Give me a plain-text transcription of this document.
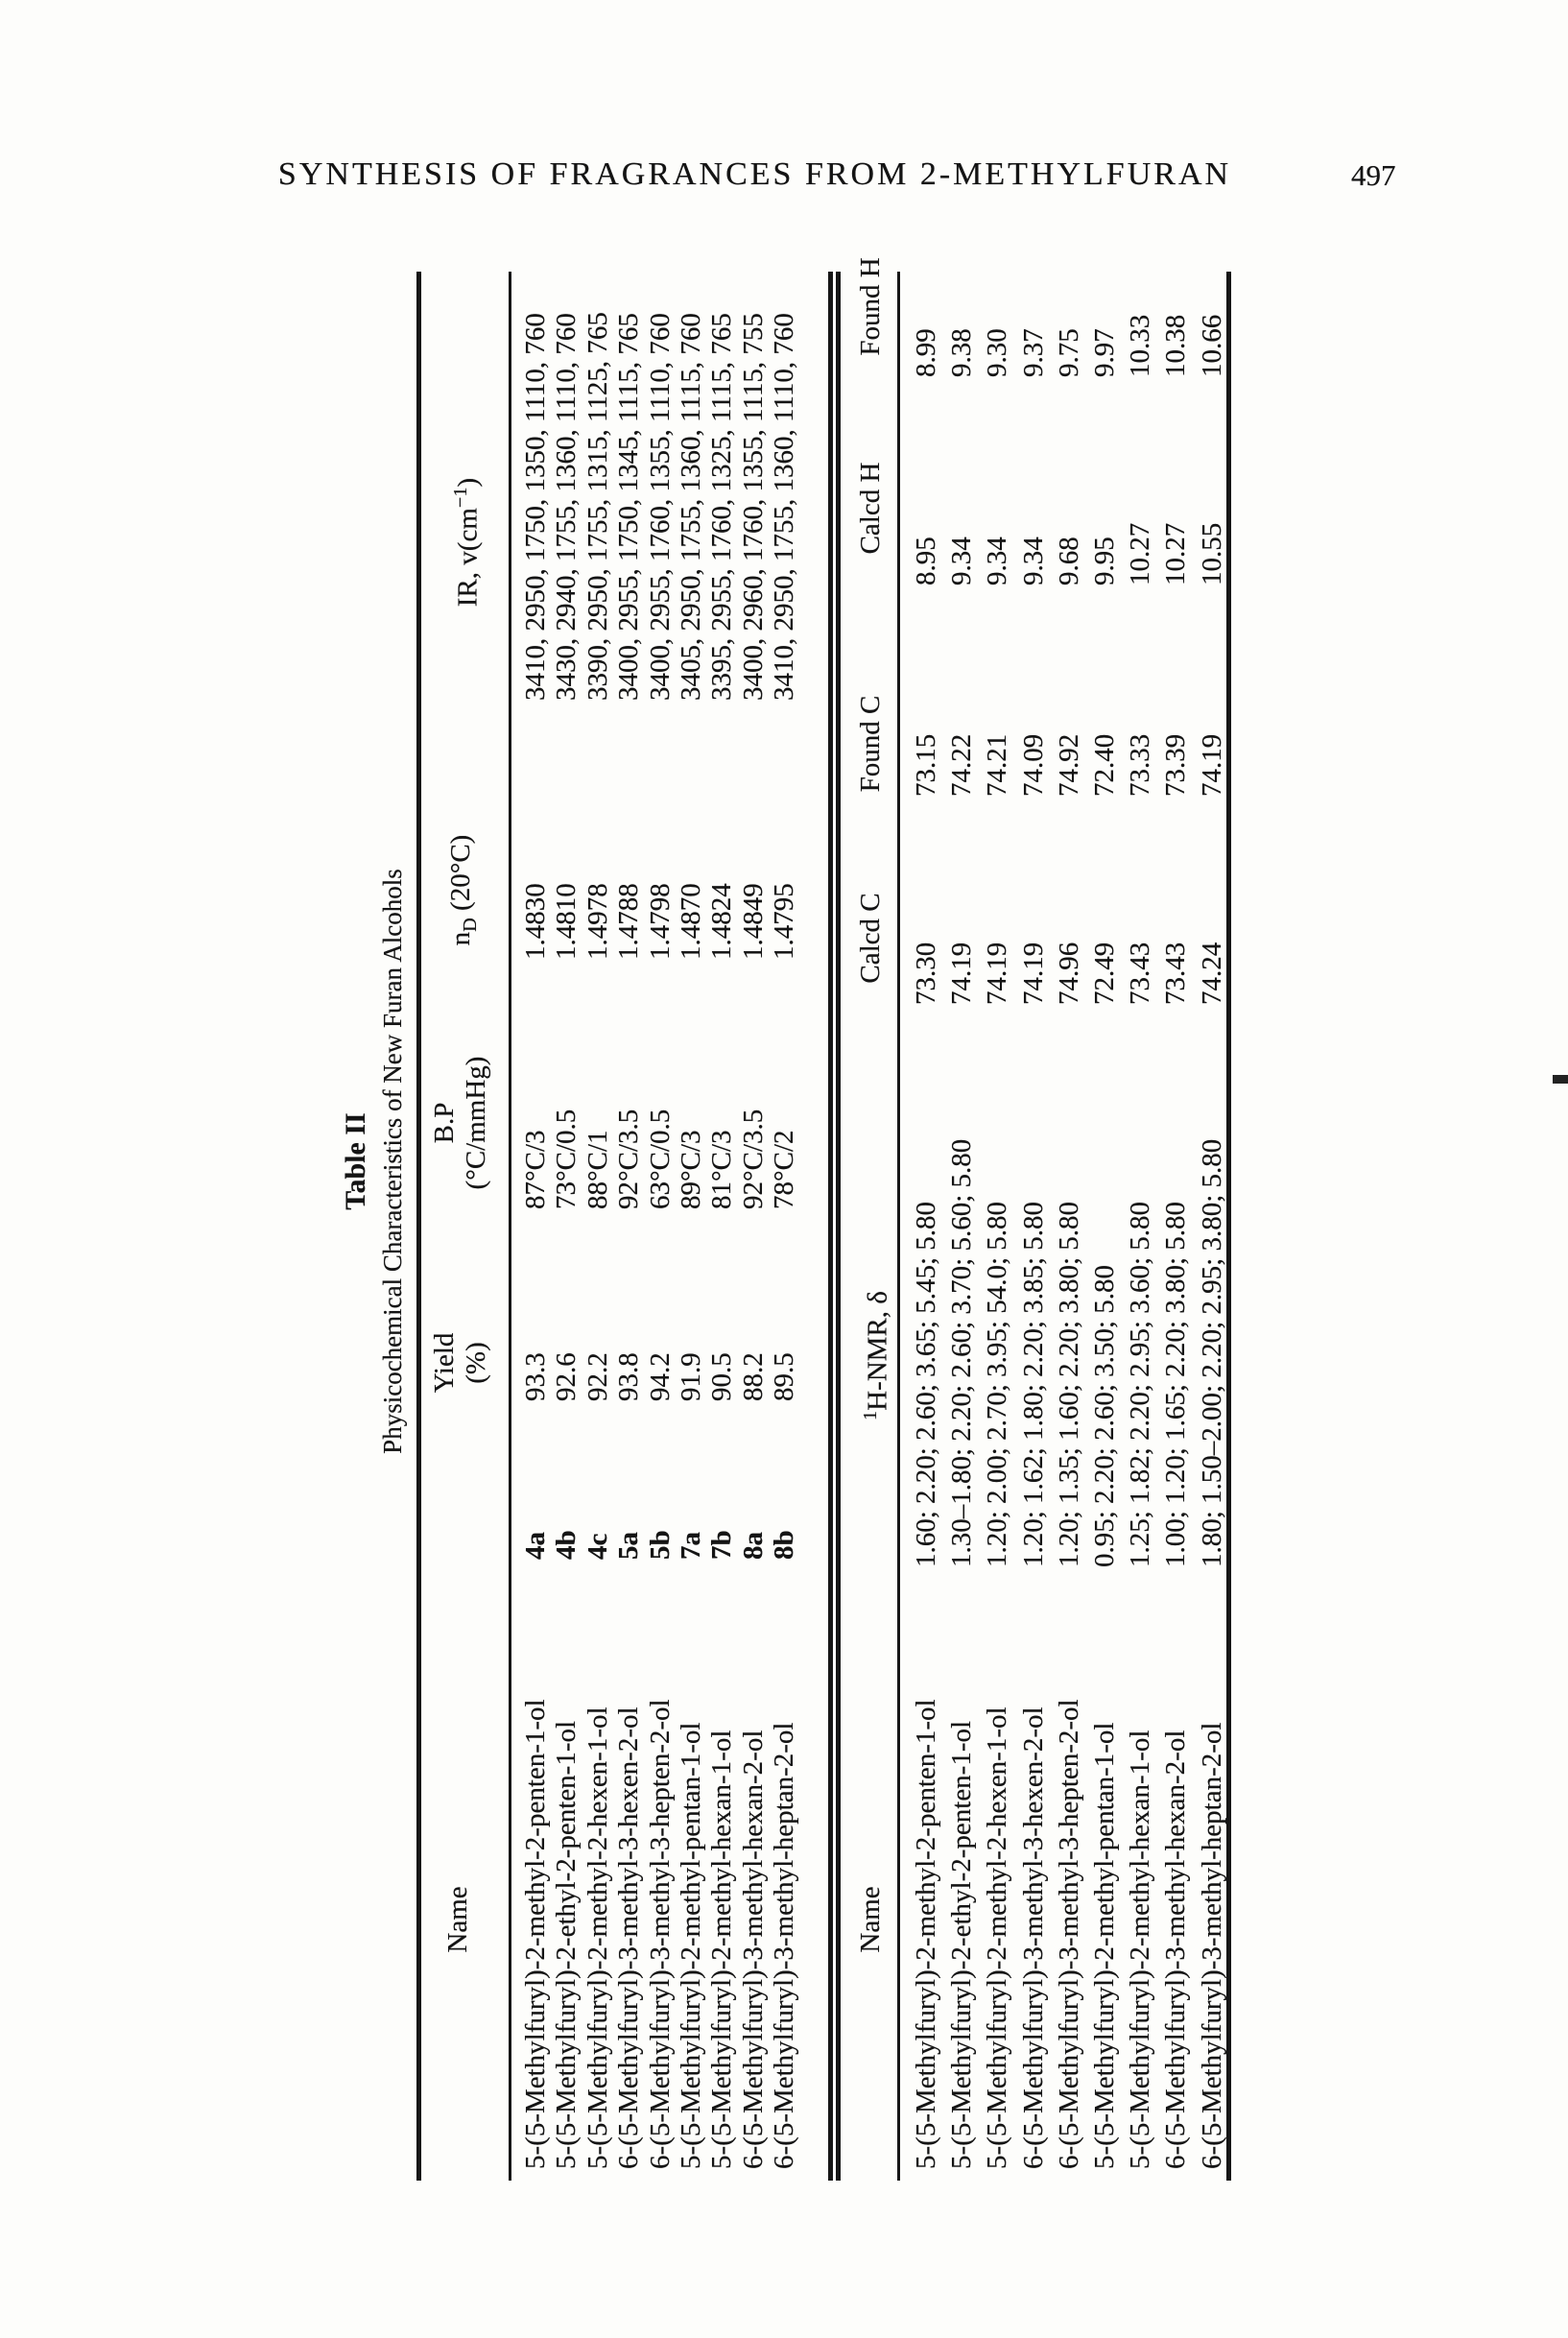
SYNTHESIS OF FRAGRANCES FROM 2-METHYLFURAN	497
Table II Physicochemical Characteristics of New Furan Alcohols
Name
Yield (%)
B.P (°C/mmHg)
$n_D$ (20°C)
IR, $v(cm^{-1})$
5-(5-Methylfuryl)-2-methyl-2-penten-1-ol 5-(5-Methylfuryl)-2-ethyl-2-penten-1-ol 5-(5-Methylfuryl)-2-methyl-2-hexen-1-ol 6-(5-Methylfuryl)-3-methyl-3-hexen-2-ol 6-(5-Methylfuryl)-3-methyl-3-hepten-2-ol 5-(5-Methylfuryl)-2-methyl-pentan-1-ol 5-(5-Methylfuryl)-2-methyl-hexan-1-ol 6-(5-Methylfuryl)-3-methyl-hexan-2-ol 6-(5-Methylfuryl)-3-methyl-heptan-2-ol
4a 4b 4c 5a 5b 7a 7b 8a 8b
93.3 92.6 92.2 93.8 94.2 91.9 90.5 88.2 89.5
87°C/3 73°C/0.5 88°C/1 92°C/3.5 63°C/0.5 89°C/3 81°C/3 92°C/3.5 78°C/2
1.4830 1.4810 1.4978 1.4788 1.4798 1.4870 1.4824 1.4849 1.4795
3410, 2950, 1750, 1350, 1110, 760 3430, 2940, 1755, 1360, 1110, 760 3390, 2950, 1755, 1315, 1125, 765 3400, 2955, 1750, 1345, 1115, 765 3400, 2955, 1760, 1355, 1110, 760 3405, 2950, 1755, 1360, 1115, 760 3395, 2955, 1760, 1325, 1115, 765 3400, 2960, 1760, 1355, 1115, 755 3410, 2950, 1755, 1360, 1110, 760
Name
$^1$H-NMR, δ
Calcd C
Found C
Calcd H
Found H
5-(5-Methylfuryl)-2-methyl-2-penten-1-ol 5-(5-Methylfuryl)-2-ethyl-2-penten-1-ol 5-(5-Methylfuryl)-2-methyl-2-hexen-1-ol 6-(5-Methylfuryl)-3-methyl-3-hexen-2-ol 6-(5-Methylfuryl)-3-methyl-3-hepten-2-ol 5-(5-Methylfuryl)-2-methyl-pentan-1-ol 5-(5-Methylfuryl)-2-methyl-hexan-1-ol 6-(5-Methylfuryl)-3-methyl-hexan-2-ol 6-(5-Methylfuryl)-3-methyl-heptan-2-ol
1.60; 2.20; 2.60; 3.65; 5.45; 5.80 1.30–1.80; 2.20; 2.60; 3.70; 5.60; 5.80 1.20; 2.00; 2.70; 3.95; 54.0; 5.80 1.20; 1.62; 1.80; 2.20; 3.85; 5.80 1.20; 1.35; 1.60; 2.20; 3.80; 5.80 0.95; 2.20; 2.60; 3.50; 5.80 1.25; 1.82; 2.20; 2.95; 3.60; 5.80 1.00; 1.20; 1.65; 2.20; 3.80; 5.80 1.80; 1.50–2.00; 2.20; 2.95; 3.80; 5.80
73.30 74.19 74.19 74.19 74.96 72.49 73.43 73.43 74.24
73.15 74.22 74.21 74.09 74.92 72.40 73.33 73.39 74.19
8.95 9.34 9.34 9.34 9.68 9.95 10.27 10.27 10.55
8.99 9.38 9.30 9.37 9.75 9.97 10.33 10.38 10.66
